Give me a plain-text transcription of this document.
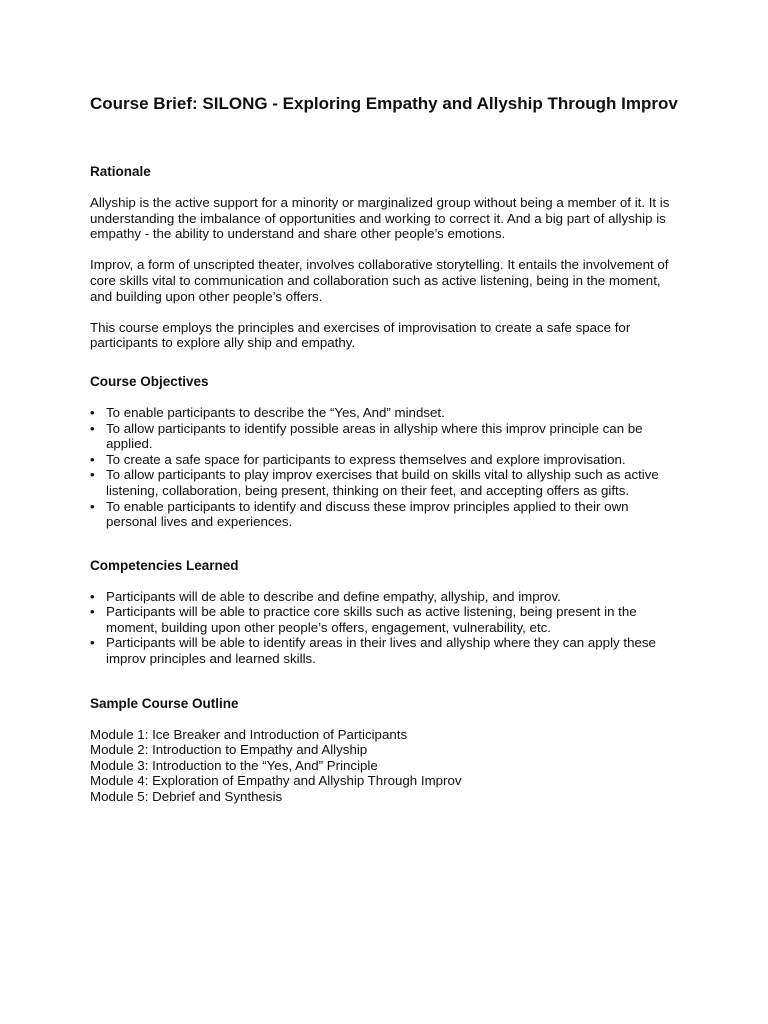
Course Brief: SILONG - Exploring Empathy and Allyship Through Improv
Rationale

Allyship is the active support for a minority or marginalized group without being a member of it. It is understanding the imbalance of opportunities and working to correct it. And a big part of allyship is empathy - the ability to understand and share other people’s emotions.

Improv, a form of unscripted theater, involves collaborative storytelling. It entails the involvement of core skills vital to communication and collaboration such as active listening, being in the moment, and building upon other people’s offers.

This course employs the principles and exercises of improvisation to create a safe space for participants to explore ally ship and empathy.

Course Objectives
• To enable participants to describe the “Yes, And” mindset.
• To allow participants to identify possible areas in allyship where this improv principle can be applied.
• To create a safe space for participants to express themselves and explore improvisation.
• To allow participants to play improv exercises that build on skills vital to allyship such as active listening, collaboration, being present, thinking on their feet, and accepting offers as gifts.
• To enable participants to identify and discuss these improv principles applied to their own personal lives and experiences.
Competencies Learned
• Participants will de able to describe and define empathy, allyship, and improv.
• Participants will be able to practice core skills such as active listening, being present in the moment, building upon other people’s offers, engagement, vulnerability, etc.
• Participants will be able to identify areas in their lives and allyship where they can apply these improv principles and learned skills.
Sample Course Outline
Module 1: Ice Breaker and Introduction of Participants
Module 2: Introduction to Empathy and Allyship
Module 3: Introduction to the “Yes, And” Principle
Module 4: Exploration of Empathy and Allyship Through Improv
Module 5: Debrief and Synthesis
